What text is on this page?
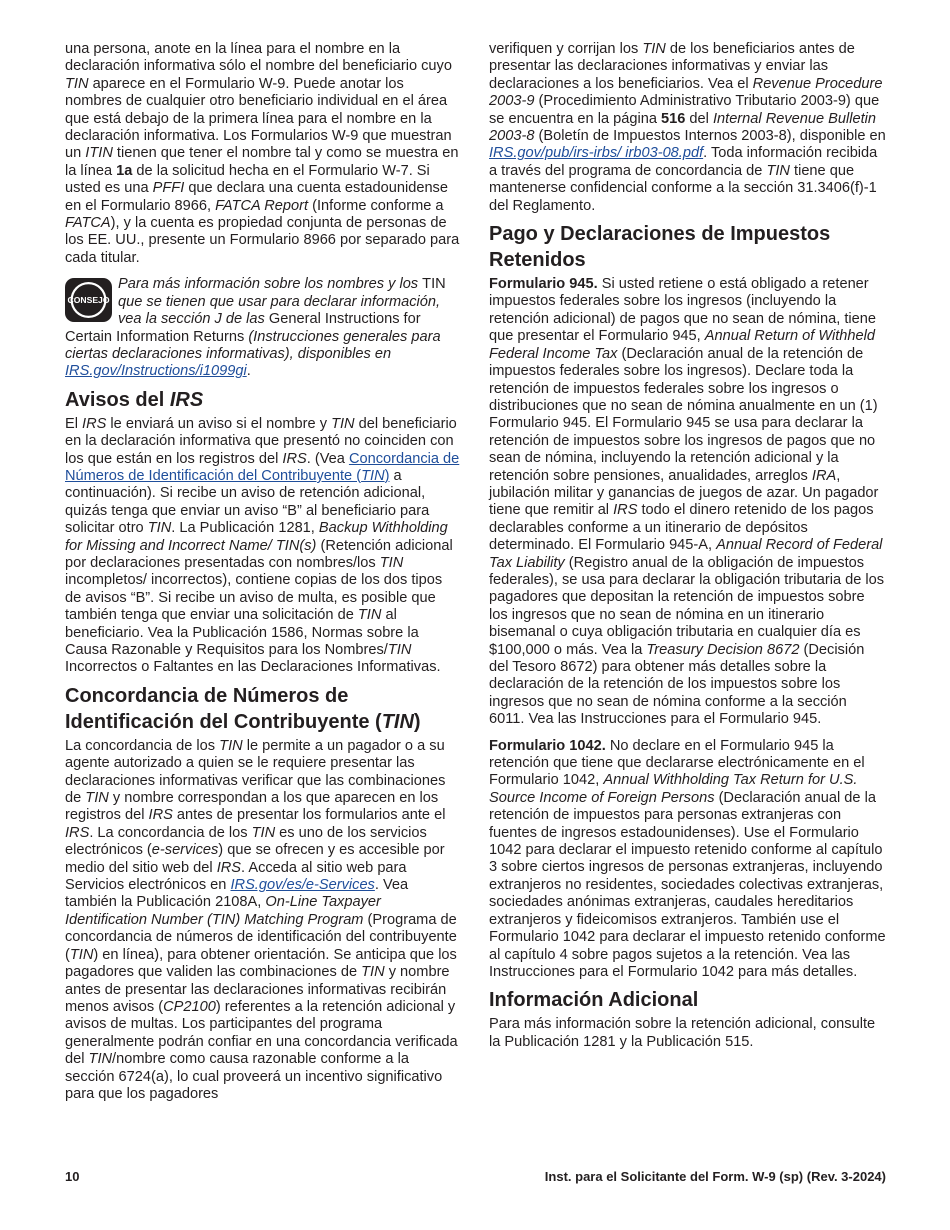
una persona, anote en la línea para el nombre en la declaración informativa sólo el nombre del beneficiario cuyo TIN aparece en el Formulario W-9. Puede anotar los nombres de cualquier otro beneficiario individual en el área que está debajo de la primera línea para el nombre en la declaración informativa. Los Formularios W-9 que muestran un ITIN tienen que tener el nombre tal y como se muestra en la línea 1a de la solicitud hecha en el Formulario W-7. Si usted es una PFFI que declara una cuenta estadounidense en el Formulario 8966, FATCA Report (Informe conforme a FATCA), y la cuenta es propiedad conjunta de personas de los EE. UU., presente un Formulario 8966 por separado para cada titular.

CONSEJO

Para más información sobre los nombres y los TIN que se tienen que usar para declarar información, vea la sección J de las General Instructions for Certain Information Returns (Instrucciones generales para ciertas declaraciones informativas), disponibles en IRS.gov/Instructions/i1099gi.

Avisos del IRS

El IRS le enviará un aviso si el nombre y TIN del beneficiario en la declaración informativa que presentó no coinciden con los que están en los registros del IRS. (Vea Concordancia de Números de Identificación del Contribuyente (TIN) a continuación). Si recibe un aviso de retención adicional, quizás tenga que enviar un aviso “B” al beneficiario para solicitar otro TIN. La Publicación 1281, Backup Withholding for Missing and Incorrect Name/ TIN(s) (Retención adicional por declaraciones presentadas con nombres/los TIN incompletos/ incorrectos), contiene copias de los dos tipos de avisos “B”. Si recibe un aviso de multa, es posible que también tenga que enviar una solicitación de TIN al beneficiario. Vea la Publicación 1586, Normas sobre la Causa Razonable y Requisitos para los Nombres/TIN Incorrectos o Faltantes en las Declaraciones Informativas.

Concordancia de Números de Identificación del Contribuyente (TIN)

La concordancia de los TIN le permite a un pagador o a su agente autorizado a quien se le requiere presentar las declaraciones informativas verificar que las combinaciones de TIN y nombre correspondan a los que aparecen en los registros del IRS antes de presentar los formularios ante el IRS. La concordancia de los TIN es uno de los servicios electrónicos (e-services) que se ofrecen y es accesible por medio del sitio web del IRS. Acceda al sitio web para Servicios electrónicos en IRS.gov/es/e-Services. Vea también la Publicación 2108A, On-Line Taxpayer Identification Number (TIN) Matching Program (Programa de concordancia de números de identificación del contribuyente (TIN) en línea), para obtener orientación. Se anticipa que los pagadores que validen las combinaciones de TIN y nombre antes de presentar las declaraciones informativas recibirán menos avisos (CP2100) referentes a la retención adicional y avisos de multas. Los participantes del programa generalmente podrán confiar en una concordancia verificada del TIN/nombre como causa razonable conforme a la sección 6724(a), lo cual proveerá un incentivo significativo para que los pagadores

verifiquen y corrijan los TIN de los beneficiarios antes de presentar las declaraciones informativas y enviar las declaraciones a los beneficiarios. Vea el Revenue Procedure 2003-9 (Procedimiento Administrativo Tributario 2003-9) que se encuentra en la página 516 del Internal Revenue Bulletin 2003-8 (Boletín de Impuestos Internos 2003-8), disponible en IRS.gov/pub/irs-irbs/ irb03-08.pdf. Toda información recibida a través del programa de concordancia de TIN tiene que mantenerse confidencial conforme a la sección 31.3406(f)-1 del Reglamento.

Pago y Declaraciones de Impuestos Retenidos

Formulario 945. Si usted retiene o está obligado a retener impuestos federales sobre los ingresos (incluyendo la retención adicional) de pagos que no sean de nómina, tiene que presentar el Formulario 945, Annual Return of Withheld Federal Income Tax (Declaración anual de la retención de impuestos federales sobre los ingresos). Declare toda la retención de impuestos federales sobre los ingresos o distribuciones que no sean de nómina anualmente en un (1) Formulario 945. El Formulario 945 se usa para declarar la retención de impuestos sobre los ingresos de pagos que no sean de nómina, incluyendo la retención adicional y la retención sobre pensiones, anualidades, arreglos IRA, jubilación militar y ganancias de juegos de azar. Un pagador tiene que remitir al IRS todo el dinero retenido de los pagos declarables conforme a un itinerario de depósitos determinado. El Formulario 945-A, Annual Record of Federal Tax Liability (Registro anual de la obligación de impuestos federales), se usa para declarar la obligación tributaria de los pagadores que depositan la retención de impuestos sobre los ingresos que no sean de nómina en un itinerario bisemanal o cuya obligación tributaria en cualquier día es $100,000 o más. Vea la Treasury Decision 8672 (Decisión del Tesoro 8672) para obtener más detalles sobre la declaración de la retención de los impuestos sobre los ingresos que no sean de nómina conforme a la sección 6011. Vea las Instrucciones para el Formulario 945.

Formulario 1042. No declare en el Formulario 945 la retención que tiene que declararse electrónicamente en el Formulario 1042, Annual Withholding Tax Return for U.S. Source Income of Foreign Persons (Declaración anual de la retención de impuestos para personas extranjeras con fuentes de ingresos estadounidenses). Use el Formulario 1042 para declarar el impuesto retenido conforme al capítulo 3 sobre ciertos ingresos de personas extranjeras, incluyendo extranjeros no residentes, sociedades colectivas extranjeras, sociedades anónimas extranjeras, caudales hereditarios extranjeros y fideicomisos extranjeros. También use el Formulario 1042 para declarar el impuesto retenido conforme al capítulo 4 sobre pagos sujetos a la retención. Vea las Instrucciones para el Formulario 1042 para más detalles.

Información Adicional

Para más información sobre la retención adicional, consulte la Publicación 1281 y la Publicación 515.

10	Inst. para el Solicitante del Form. W-9 (sp) (Rev. 3-2024)
